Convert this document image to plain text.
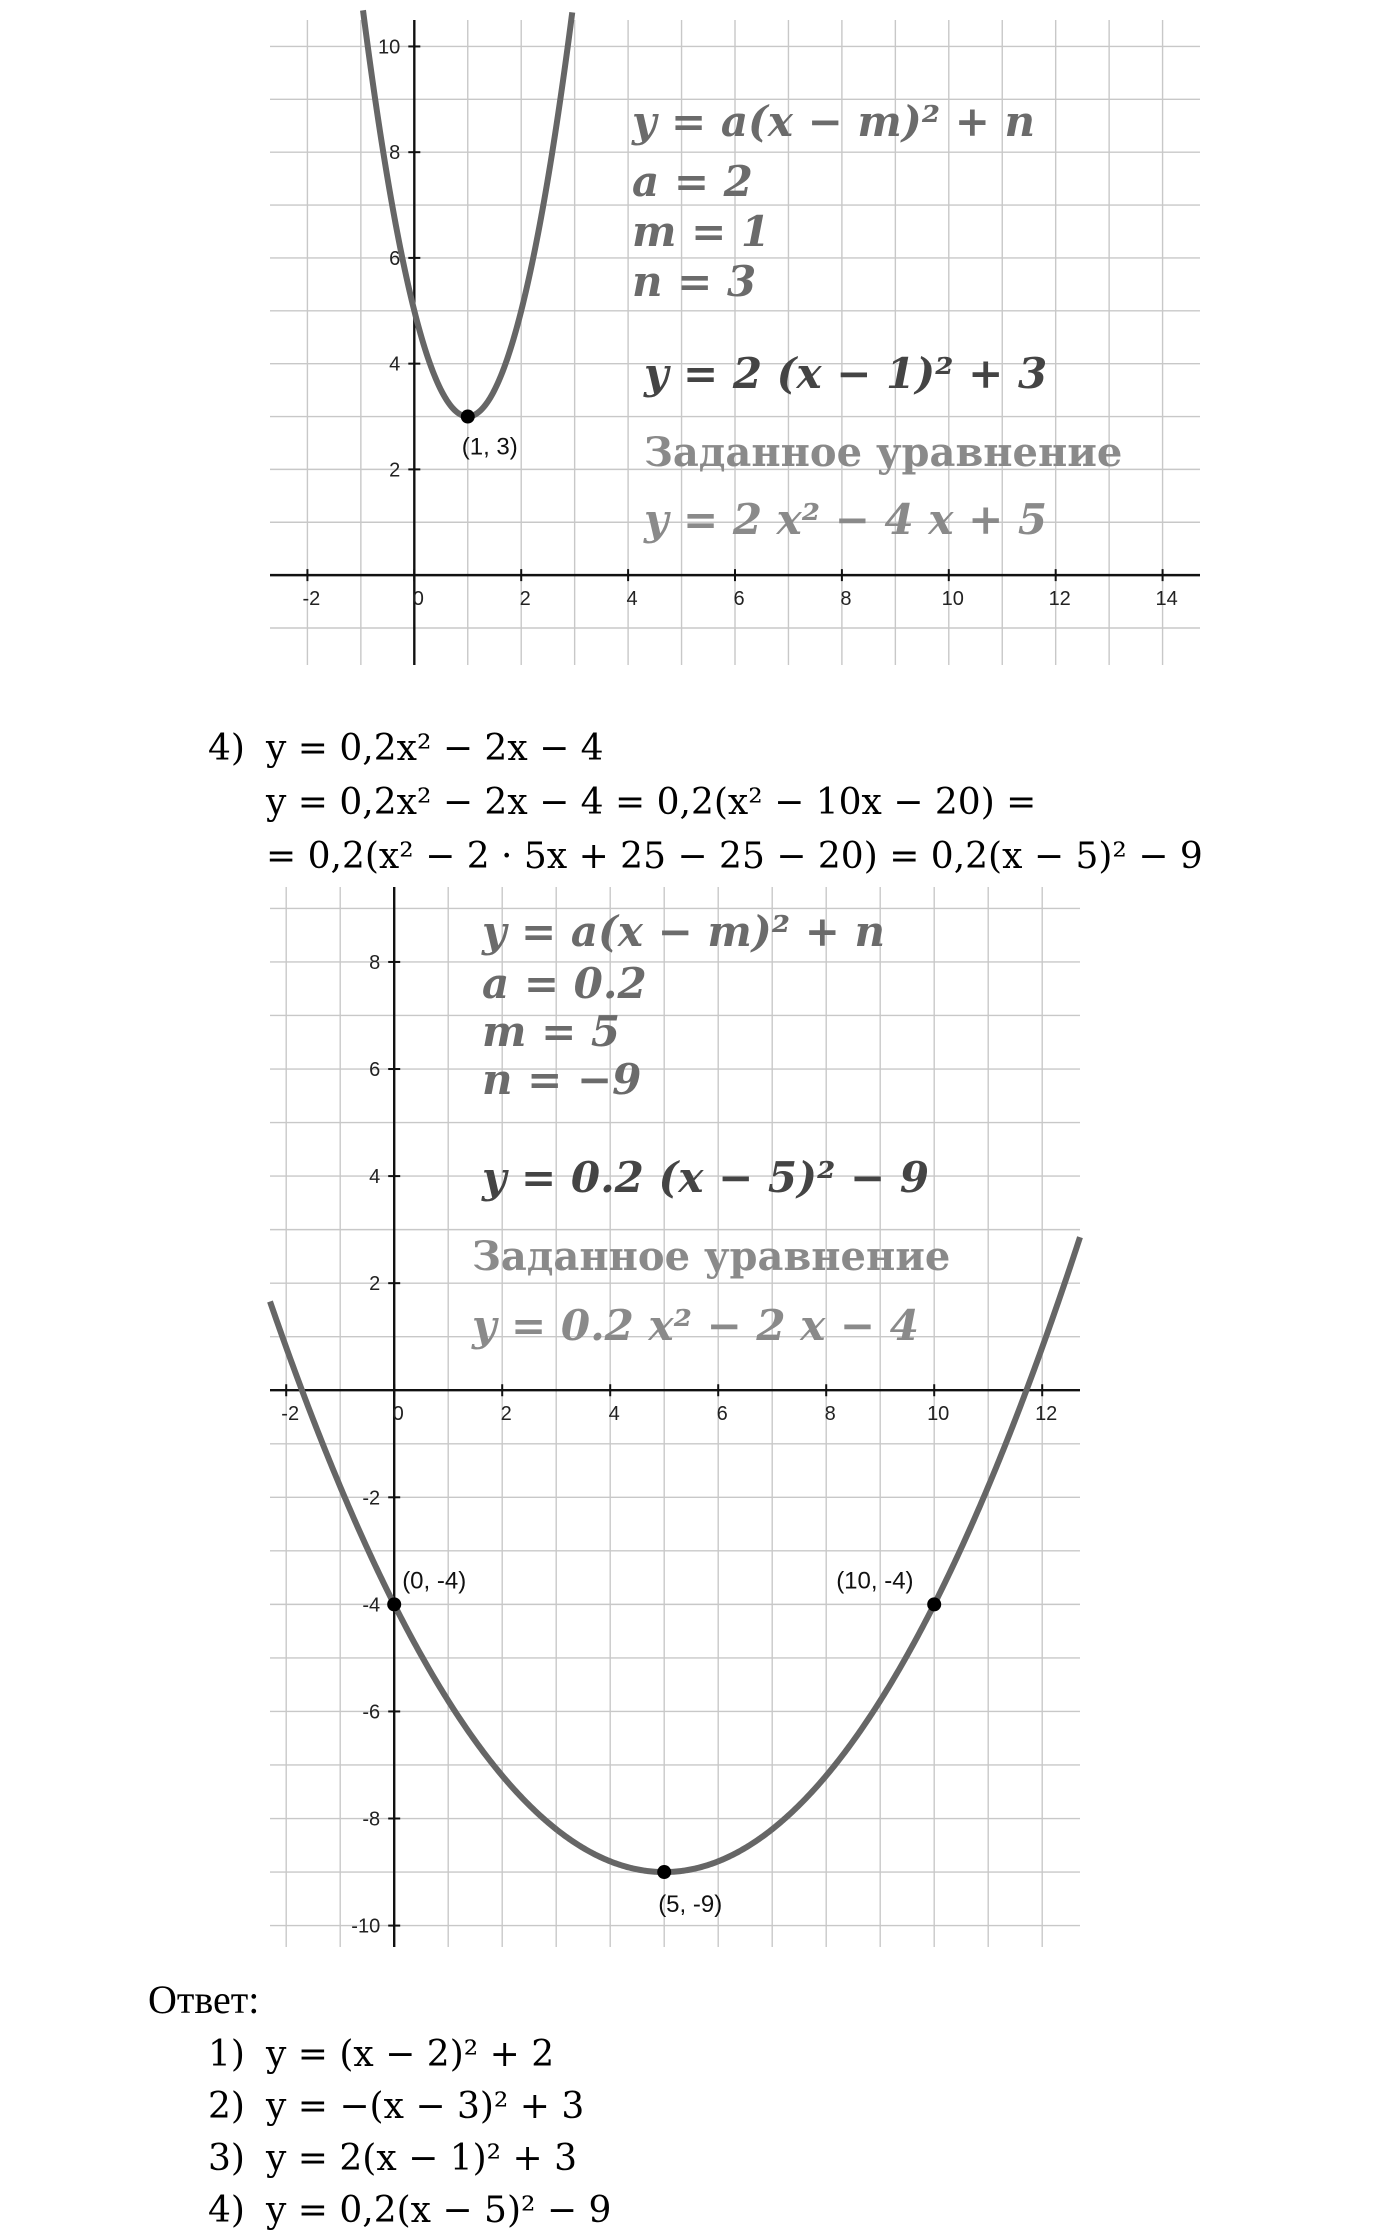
-2	0	2	4	6	8	10	12	14
2
4
6
8
10
(1, 3)
y = a(x − m)² + n
a = 2
m = 1
n = 3
y = 2 (x − 1)² + 3
Заданное уравнение
y = 2 x² − 4 x + 5
4) y = 0,2x² − 2x − 4
y = 0,2x² − 2x − 4 = 0,2(x² − 10x − 20) =
= 0,2(x² − 2 · 5x + 25 − 25 − 20) = 0,2(x − 5)² − 9
-2	0	2	4	6	8	10	12
8
6
4
2
-2
-4
-6
-8
-10
(0, -4)	(10, -4)
(5, -9)
y = a(x − m)² + n
a = 0.2
m = 5
n = −9
y = 0.2 (x − 5)² − 9
Заданное уравнение
y = 0.2 x² − 2 x − 4
Ответ:
1) y = (x − 2)² + 2
2) y = −(x − 3)² + 3
3) y = 2(x − 1)² + 3
4) y = 0,2(x − 5)² − 9
